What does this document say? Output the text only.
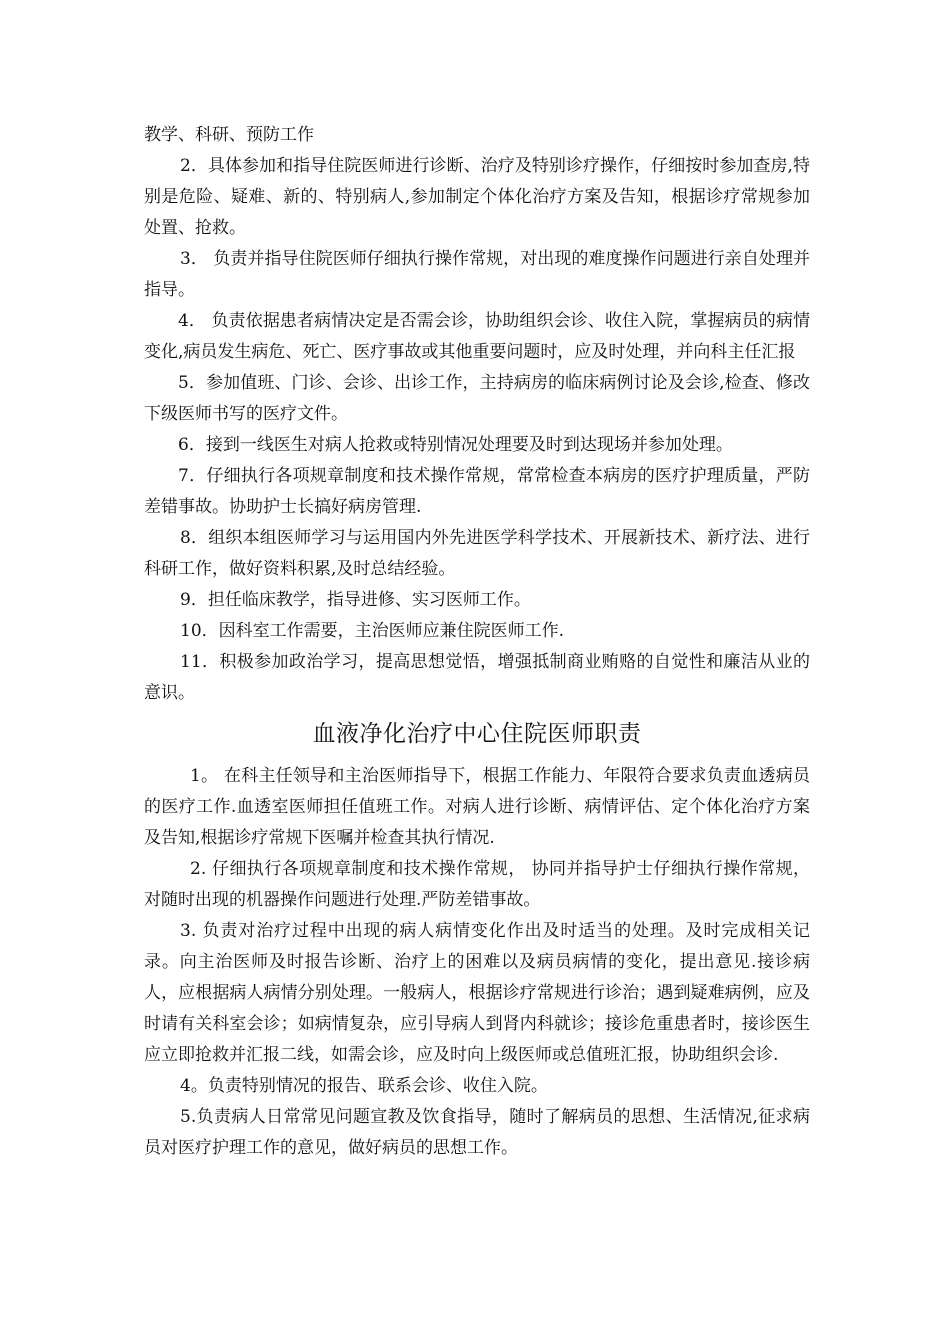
教学、科研、预防工作

2．具体参加和指导住院医师进行诊断、治疗及特别诊疗操作，仔细按时参加查房,特别是危险、疑难、新的、特别病人,参加制定个体化治疗方案及告知，根据诊疗常规参加处置、抢救。

3． 负责并指导住院医师仔细执行操作常规，对出现的难度操作问题进行亲自处理并指导。

4． 负责依据患者病情决定是否需会诊，协助组织会诊、收住入院，掌握病员的病情变化,病员发生病危、死亡、医疗事故或其他重要问题时，应及时处理，并向科主任汇报

5．参加值班、门诊、会诊、出诊工作，主持病房的临床病例讨论及会诊,检查、修改下级医师书写的医疗文件。

6．接到一线医生对病人抢救或特别情况处理要及时到达现场并参加处理。

7．仔细执行各项规章制度和技术操作常规，常常检查本病房的医疗护理质量，严防差错事故。协助护士长搞好病房管理.

8．组织本组医师学习与运用国内外先进医学科学技术、开展新技术、新疗法、进行科研工作，做好资料积累,及时总结经验。

9．担任临床教学，指导进修、实习医师工作。

10．因科室工作需要，主治医师应兼住院医师工作.

11．积极参加政治学习，提高思想觉悟，增强抵制商业贿赂的自觉性和廉洁从业的意识。

血液净化治疗中心住院医师职责

1。 在科主任领导和主治医师指导下，根据工作能力、年限符合要求负责血透病员的医疗工作.血透室医师担任值班工作。对病人进行诊断、病情评估、定个体化治疗方案及告知,根据诊疗常规下医嘱并检查其执行情况.

2. 仔细执行各项规章制度和技术操作常规， 协同并指导护士仔细执行操作常规，对随时出现的机器操作问题进行处理.严防差错事故。

3. 负责对治疗过程中出现的病人病情变化作出及时适当的处理。及时完成相关记录。向主治医师及时报告诊断、治疗上的困难以及病员病情的变化，提出意见.接诊病人，应根据病人病情分别处理。一般病人，根据诊疗常规进行诊治；遇到疑难病例，应及时请有关科室会诊；如病情复杂，应引导病人到肾内科就诊；接诊危重患者时，接诊医生应立即抢救并汇报二线，如需会诊，应及时向上级医师或总值班汇报，协助组织会诊.

4。负责特别情况的报告、联系会诊、收住入院。

5.负责病人日常常见问题宣教及饮食指导，随时了解病员的思想、生活情况,征求病员对医疗护理工作的意见，做好病员的思想工作。
